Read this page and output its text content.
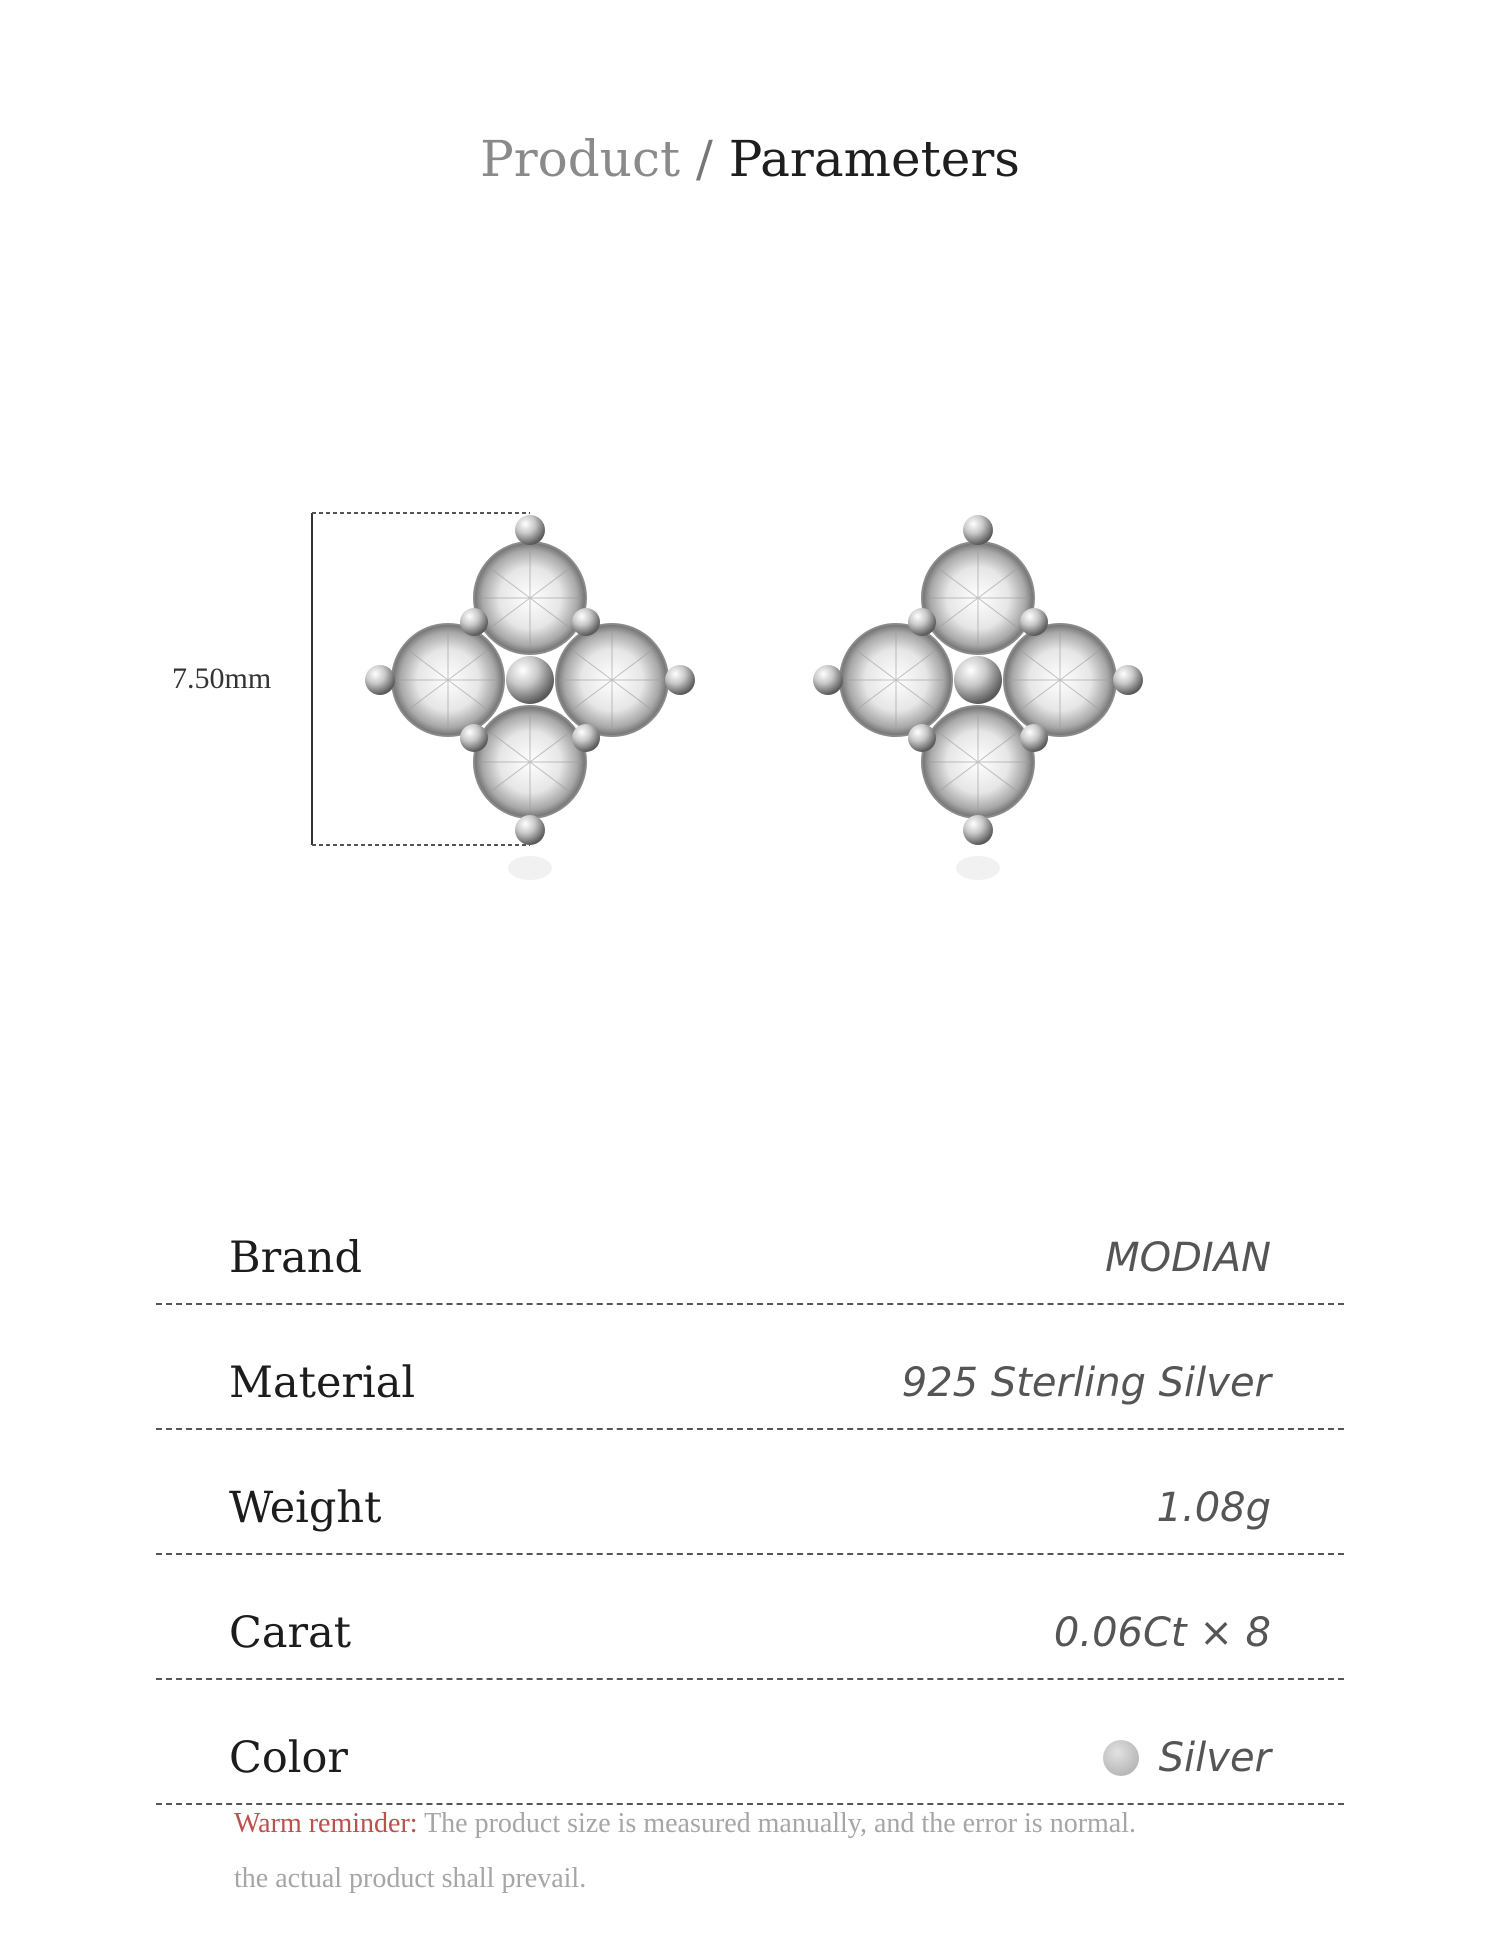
Product / Parameters
7.50mm
Brand	MODIAN
Material	925 Sterling Silver
Weight	1.08g
Carat	0.06Ct × 8
Color	Silver
Warm reminder: The product size is measured manually, and the error is normal.
the actual product shall prevail.
